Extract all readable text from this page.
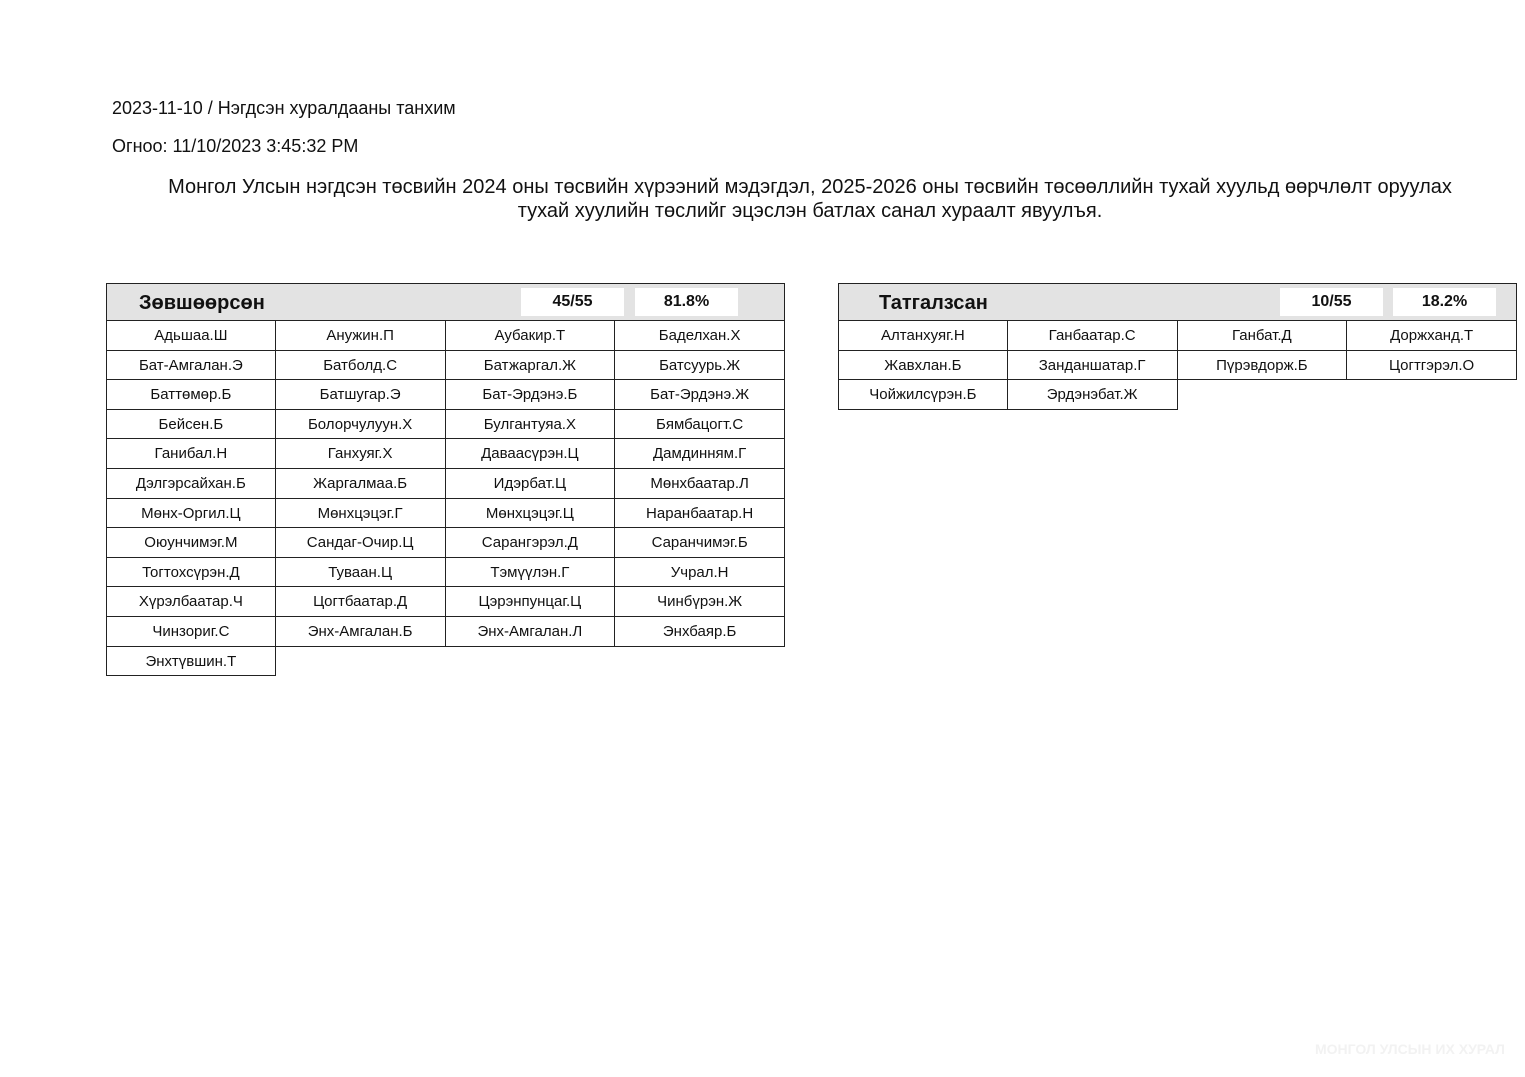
2023-11-10 / Нэгдсэн хуралдааны танхим
Огноо: 11/10/2023 3:45:32 PM
Монгол Улсын нэгдсэн төсвийн 2024 оны төсвийн хүрээний мэдэгдэл, 2025-2026 оны төсвийн төсөөллийн тухай хуульд өөрчлөлт оруулах тухай хуулийн төслийг эцэслэн батлах санал хураалт явуулъя.
Зөвшөөрсөн	45/55	81.8%
Адьшаа.Ш	Анужин.П	Аубакир.Т	Баделхан.Х
Бат-Амгалан.Э	Батболд.С	Батжаргал.Ж	Батсуурь.Ж
Баттөмөр.Б	Батшугар.Э	Бат-Эрдэнэ.Б	Бат-Эрдэнэ.Ж
Бейсен.Б	Болорчулуун.Х	Булгантуяа.Х	Бямбацогт.С
Ганибал.Н	Ганхуяг.Х	Даваасүрэн.Ц	Дамдинням.Г
Дэлгэрсайхан.Б	Жаргалмаа.Б	Идэрбат.Ц	Мөнхбаатар.Л
Мөнх-Оргил.Ц	Мөнхцэцэг.Г	Мөнхцэцэг.Ц	Наранбаатар.Н
Оюунчимэг.М	Сандаг-Очир.Ц	Сарангэрэл.Д	Саранчимэг.Б
Тогтохсүрэн.Д	Туваан.Ц	Тэмүүлэн.Г	Учрал.Н
Хүрэлбаатар.Ч	Цогтбаатар.Д	Цэрэнпунцаг.Ц	Чинбүрэн.Ж
Чинзориг.С	Энх-Амгалан.Б	Энх-Амгалан.Л	Энхбаяр.Б
Энхтүвшин.Т
Татгалзсан	10/55	18.2%
Алтанхуяг.Н	Ганбаатар.С	Ганбат.Д	Доржханд.Т
Жавхлан.Б	Занданшатар.Г	Пүрэвдорж.Б	Цогтгэрэл.О
Чойжилсүрэн.Б	Эрдэнэбат.Ж
МОНГОЛ УЛСЫН ИХ ХУРАЛ
